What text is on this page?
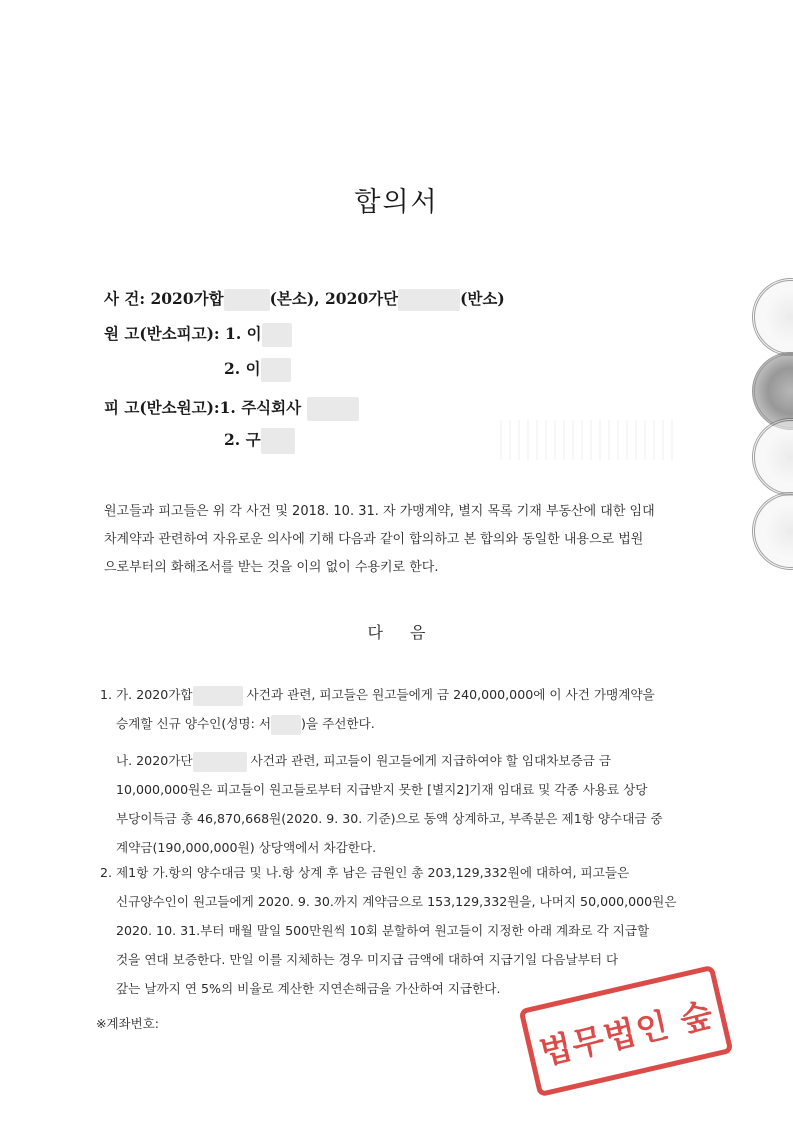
합의서
사 건: 2020가합	(본소), 2020가단	(반소)
원 고(반소피고): 1. 이
2. 이
피 고(반소원고):1. 주식회사
2. 구
원고들과 피고들은 위 각 사건 및 2018. 10. 31. 자 가맹계약, 별지 목록 기재 부동산에 대한 임대
차계약과 관련하여 자유로운 의사에 기해 다음과 같이 합의하고 본 합의와 동일한 내용으로 법원
으로부터의 화해조서를 받는 것을 이의 없이 수용키로 한다.
다 음
1. 가. 2020가합	사건과 관련, 피고들은 원고들에게 금 240,000,000에 이 사건 가맹계약을
승계할 신규 양수인(성명: 서 )을 주선한다.
나. 2020가단	사건과 관련, 피고들이 원고들에게 지급하여야 할 임대차보증금 금
10,000,000원은 피고들이 원고들로부터 지급받지 못한 [별지2]기재 임대료 및 각종 사용료 상당
부당이득금 총 46,870,668원(2020. 9. 30. 기준)으로 동액 상계하고, 부족분은 제1항 양수대금 중
계약금(190,000,000원) 상당액에서 차감한다.
2. 제1항 가.항의 양수대금 및 나.항 상계 후 남은 금원인 총 203,129,332원에 대하여, 피고들은
신규양수인이 원고들에게 2020. 9. 30.까지 계약금으로 153,129,332원을, 나머지 50,000,000원은
2020. 10. 31.부터 매월 말일 500만원씩 10회 분할하여 원고들이 지정한 아래 계좌로 각 지급할
것을 연대 보증한다. 만일 이를 지체하는 경우 미지급 금액에 대하여 지급기일 다음날부터 다
갚는 날까지 연 5%의 비율로 계산한 지연손해금을 가산하여 지급한다.
※계좌번호:	법무법인 숲
